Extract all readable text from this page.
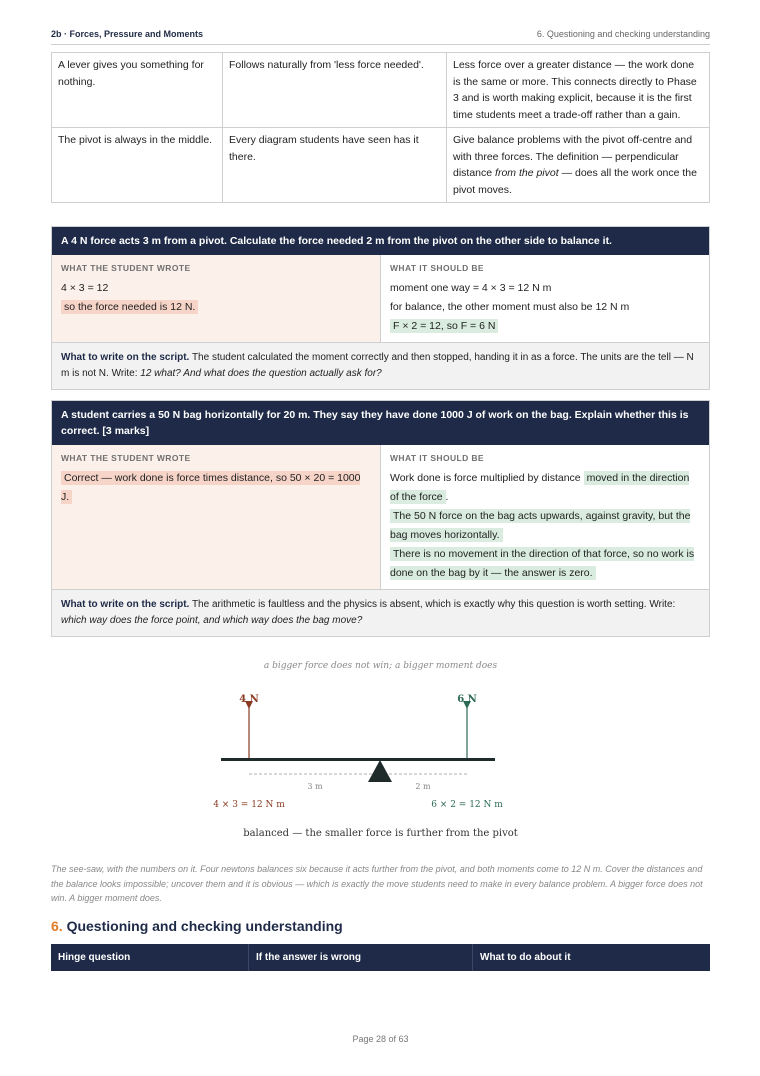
2b · Forces, Pressure and Moments	6. Questioning and checking understanding
A lever gives you something for nothing.	Follows naturally from 'less force needed'.	Less force over a greater distance — the work done is the same or more. This connects directly to Phase 3 and is worth making explicit, because it is the first time students meet a trade-off rather than a gain.
The pivot is always in the middle.	Every diagram students have seen has it there.	Give balance problems with the pivot off-centre and with three forces. The definition — perpendicular distance from the pivot — does all the work once the pivot moves.
A 4 N force acts 3 m from a pivot. Calculate the force needed 2 m from the pivot on the other side to balance it.
WHAT THE STUDENT WROTE
4 × 3 = 12
so the force needed is 12 N.
WHAT IT SHOULD BE
moment one way = 4 × 3 = 12 N m
for balance, the other moment must also be 12 N m
F × 2 = 12, so F = 6 N
What to write on the script. The student calculated the moment correctly and then stopped, handing it in as a force. The units are the tell — N m is not N. Write: 12 what? And what does the question actually ask for?
A student carries a 50 N bag horizontally for 20 m. They say they have done 1000 J of work on the bag. Explain whether this is correct. [3 marks]
WHAT THE STUDENT WROTE
Correct — work done is force times distance, so 50 × 20 = 1000 J.
WHAT IT SHOULD BE
Work done is force multiplied by distance moved in the direction of the force .
The 50 N force on the bag acts upwards, against gravity, but the bag moves horizontally.
There is no movement in the direction of that force, so no work is done on the bag by it — the answer is zero.
What to write on the script. The arithmetic is faultless and the physics is absent, which is exactly why this question is worth setting. Write: which way does the force point, and which way does the bag move?
a bigger force does not win; a bigger moment does
4 N	6 N
3 m	2 m
4 × 3 = 12 N m	6 × 2 = 12 N m
balanced — the smaller force is further from the pivot
The see-saw, with the numbers on it. Four newtons balances six because it acts further from the pivot, and both moments come to 12 N m. Cover the distances and the balance looks impossible; uncover them and it is obvious — which is exactly the move students need to make in every balance problem. A bigger force does not win. A bigger moment does.
6. Questioning and checking understanding
Hinge question	If the answer is wrong	What to do about it
Page 28 of 63
